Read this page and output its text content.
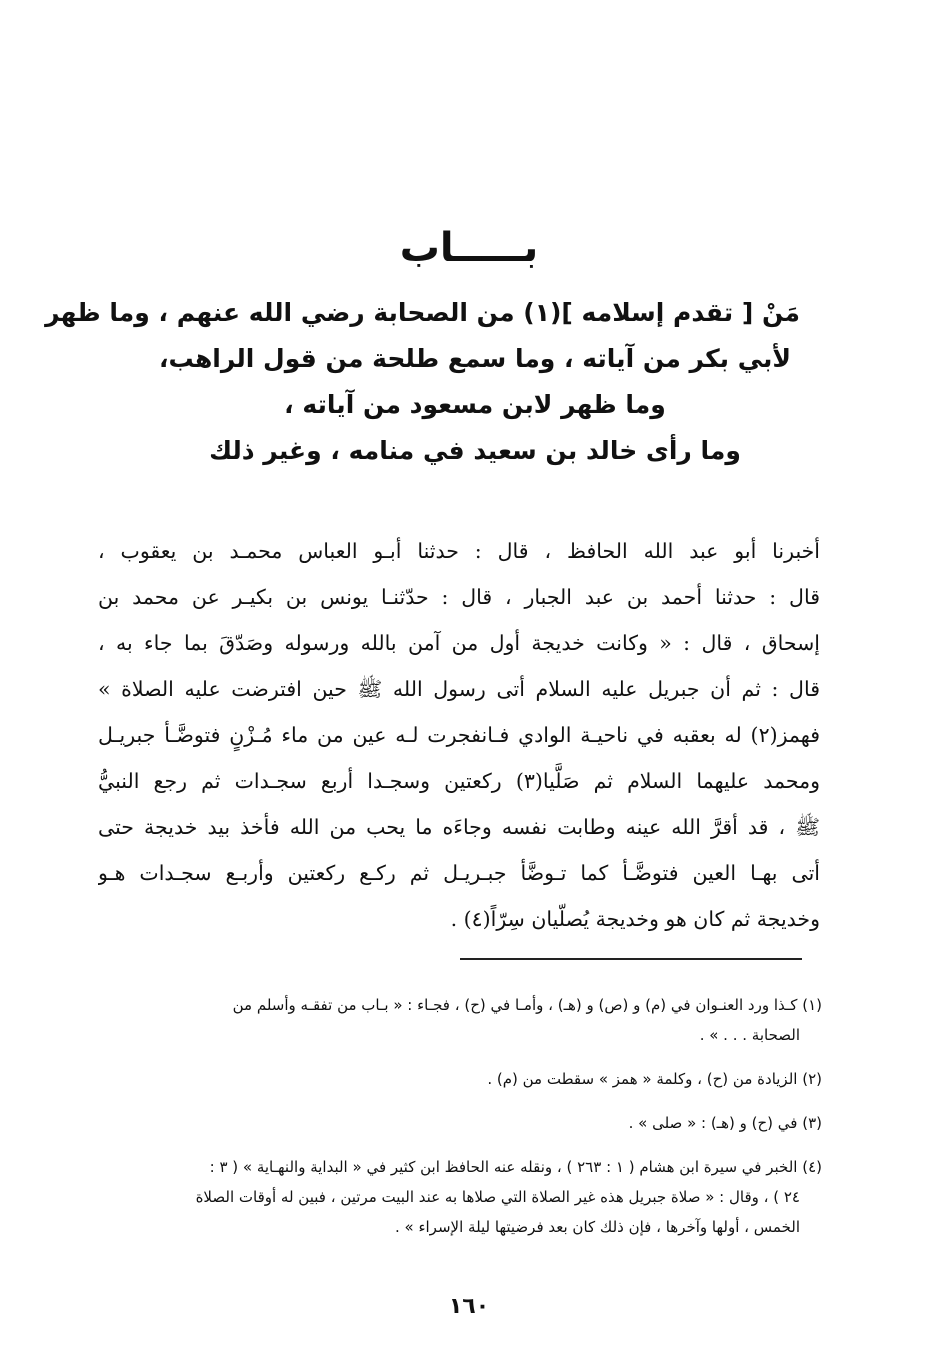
بـــــاب
مَنْ [ تقدم إسلامه ](١) من الصحابة رضي الله عنهم ، وما ظهر
لأبي بكر من آياته ، وما سمع طلحة من قول الراهب،
وما ظهر لابن مسعود من آياته ،
وما رأى خالد بن سعيد في منامه ، وغير ذلك
أخبرنا أبو عبد الله الحافظ ، قال : حدثنا أبـو العباس محمـد بن يعقوب ،
قال : حدثنا أحمد بن عبد الجبار ، قال : حدّثنـا يونس بن بكيـر عن محمد بن
إسحاق ، قال : « وكانت خديجة أول من آمن بالله ورسوله وصَدّقَ بما جاء به ،
قال : ثم أن جبريل عليه السلام أتى رسول الله ﷺ حين افترضت عليه الصلاة »
فهمز(٢) له بعقبه في ناحيـة الوادي فـانفجرت لـه عين من ماء مُـزْنٍ فتوضَّـأ جبريـل
ومحمد عليهما السلام ثم صَلَّيا(٣) ركعتين وسجـدا أربع سجـدات ثم رجع النبيُّ
ﷺ ، قد أقرَّ الله عينه وطابت نفسه وجاءَه ما يحب من الله فأخذ بيد خديجة حتى
أتى بهـا العين فتوضَّـأ كما تـوضَّأ جبـريـل ثم ركـع ركعتين وأربـع سجـدات هـو
وخديجة ثم كان هو وخديجة يُصلّيان سِرّاً(٤) .
(١) كـذا ورد العنـوان في (م) و (ص) و (هـ) ، وأمـا في (ح) ، فجـاء : « بـاب من تفقـه وأسلم من
الصحابة . . . » .
(٢) الزيادة من (ح) ، وكلمة « همز » سقطت من (م) .
(٣) في (ح) و (هـ) : « صلى » .
(٤) الخبر في سيرة ابن هشام ( ١ : ٢٦٣ ) ، ونقله عنه الحافظ ابن كثير في « البداية والنهـاية » ( ٣ :
٢٤ ) ، وقال : « صلاة جبريل هذه غير الصلاة التي صلاها به عند البيت مرتين ، فبين له أوقات الصلاة
الخمس ، أولها وآخرها ، فإن ذلك كان بعد فرضيتها ليلة الإسراء » .
١٦٠
